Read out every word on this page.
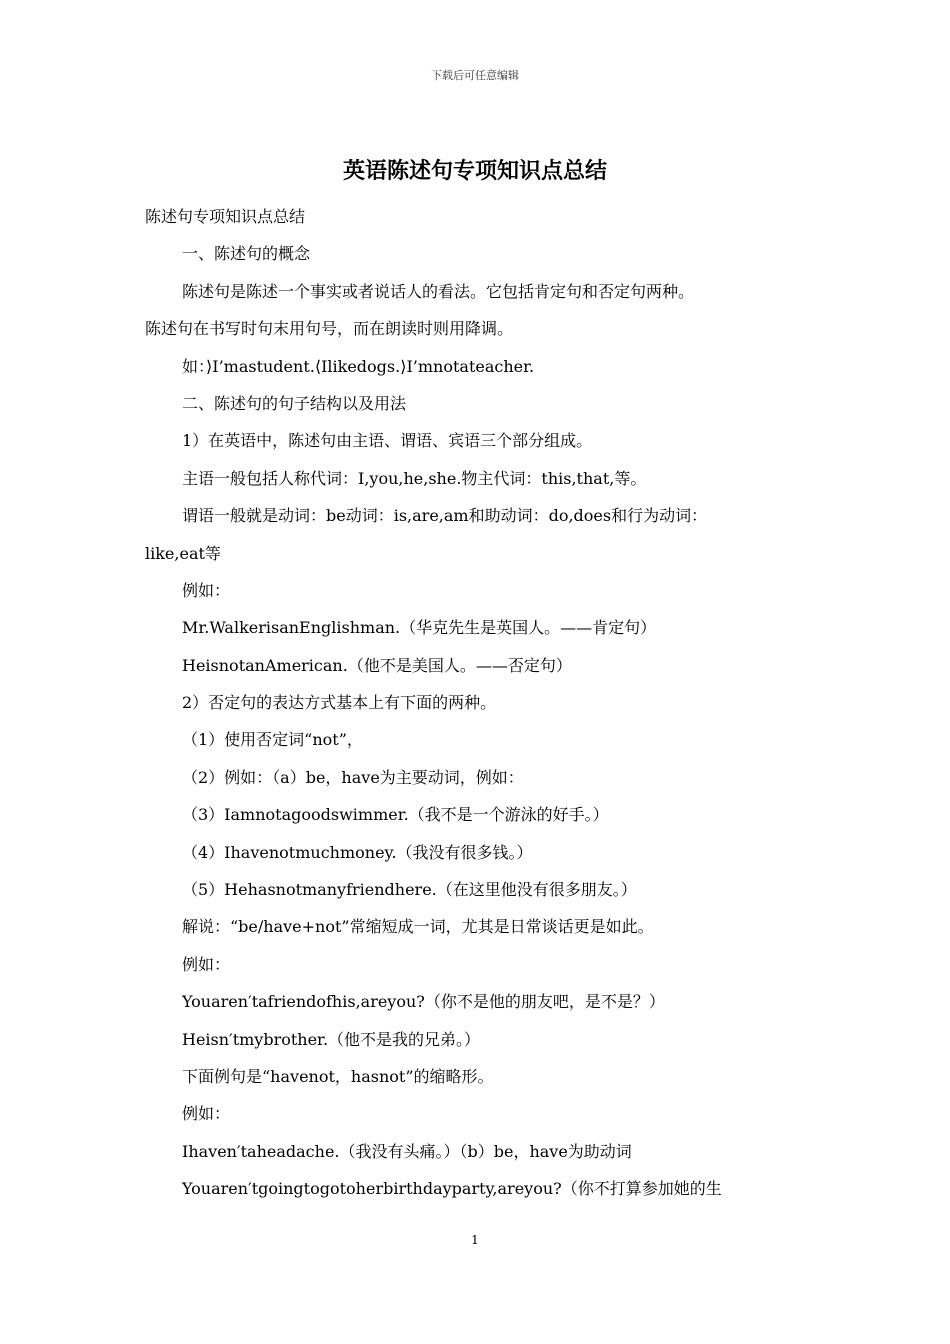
下载后可任意编辑
英语陈述句专项知识点总结
陈述句专项知识点总结
一、陈述句的概念
陈述句是陈述一个事实或者说话人的看法。它包括肯定句和否定句两种。
陈述句在书写时句末用句号，而在朗读时则用降调。
如：⟩I’mastudent.⟨Ilikedogs.⟩I’mnotateacher.
二、陈述句的句子结构以及用法
1）在英语中，陈述句由主语、谓语、宾语三个部分组成。
主语一般包括人称代词：I,you,he,she.物主代词：this,that,等。
谓语一般就是动词：be动词：is,are,am和助动词：do,does和行为动词：
like,eat等
例如：
Mr.WalkerisanEnglishman.（华克先生是英国人。——肯定句）
HeisnotanAmerican.（他不是美国人。——否定句）
2）否定句的表达方式基本上有下面的两种。
（1）使用否定词“not”，
（2）例如：（a）be，have为主要动词，例如：
（3）Iamnotagoodswimmer.（我不是一个游泳的好手。）
（4）Ihavenotmuchmoney.（我没有很多钱。）
（5）Hehasnotmanyfriendhere.（在这里他没有很多朋友。）
解说：“be/have+not”常缩短成一词，尤其是日常谈话更是如此。
例如：
Youaren′tafriendofhis,areyou?（你不是他的朋友吧，是不是？）
Heisn′tmybrother.（他不是我的兄弟。）
下面例句是“havenot，hasnot”的缩略形。
例如：
Ihaven′taheadache.（我没有头痛。）（b）be，have为助动词
Youaren′tgoingtogotoherbirthdayparty,areyou?（你不打算参加她的生
1
